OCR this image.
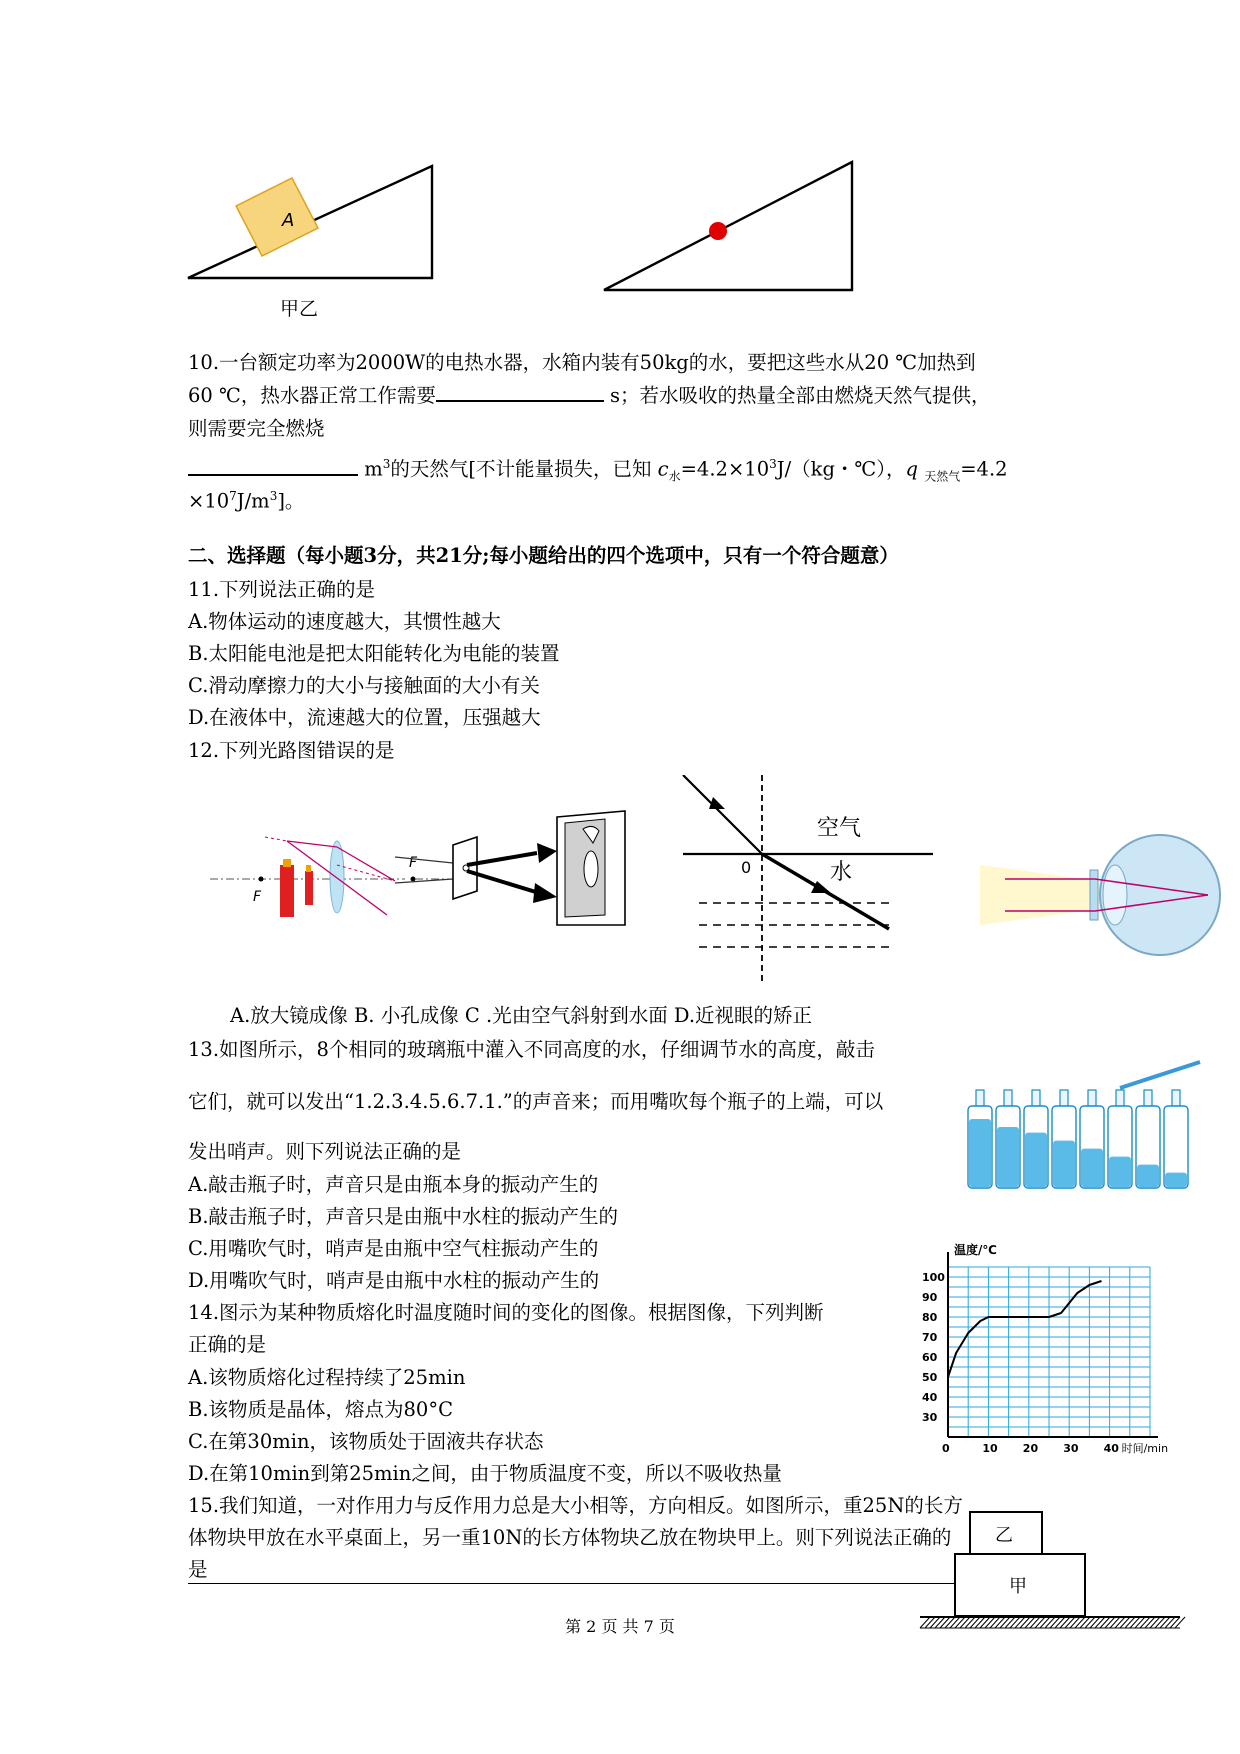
A
甲乙
10.一台额定功率为2000W的电热水器，水箱内装有50kg的水，要把这些水从20 ℃加热到
60 ℃，热水器正常工作需要	s；若水吸收的热量全部由燃烧天然气提供，
则需要完全燃烧
$m^3$的天然气[不计能量损失，已知 $c_水=4.2\times 10^3J/(kg$・℃），q $_{天然气}$=4.2
$\times 10^7J/m^3$]。
二、选择题（每小题3分，共21分;每小题给出的四个选项中，只有一个符合题意）
11.下列说法正确的是
A.物体运动的速度越大，其惯性越大
B.太阳能电池是把太阳能转化为电能的装置
C.滑动摩擦力的大小与接触面的大小有关
D.在液体中，流速越大的位置，压强越大
12.下列光路图错误的是
F
F
空气
水
0
A.放大镜成像 B. 小孔成像 C .光由空气斜射到水面 D.近视眼的矫正
13.如图所示，8个相同的玻璃瓶中灌入不同高度的水，仔细调节水的高度，敲击
它们，就可以发出“1.2.3.4.5.6.7.1.”的声音来；而用嘴吹每个瓶子的上端，可以
发出哨声。则下列说法正确的是
A.敲击瓶子时，声音只是由瓶本身的振动产生的
B.敲击瓶子时，声音只是由瓶中水柱的振动产生的
C.用嘴吹气时，哨声是由瓶中空气柱振动产生的
D.用嘴吹气时，哨声是由瓶中水柱的振动产生的
14.图示为某种物质熔化时温度随时间的变化的图像。根据图像，下列判断
正确的是
A.该物质熔化过程持续了25min
B.该物质是晶体，熔点为80°C
C.在第30min，该物质处于固液共存状态
D.在第10min到第25min之间，由于物质温度不变，所以不吸收热量
30
40
50
60
70
80
90
100
0	10 20 30 40
温度/℃
时间/min
15.我们知道，一对作用力与反作用力总是大小相等，方向相反。如图所示，重25N的长方
体物块甲放在水平桌面上，另一重10N的长方体物块乙放在物块甲上。则下列说法正确的
是
第 2 页 共 7 页
乙
甲
